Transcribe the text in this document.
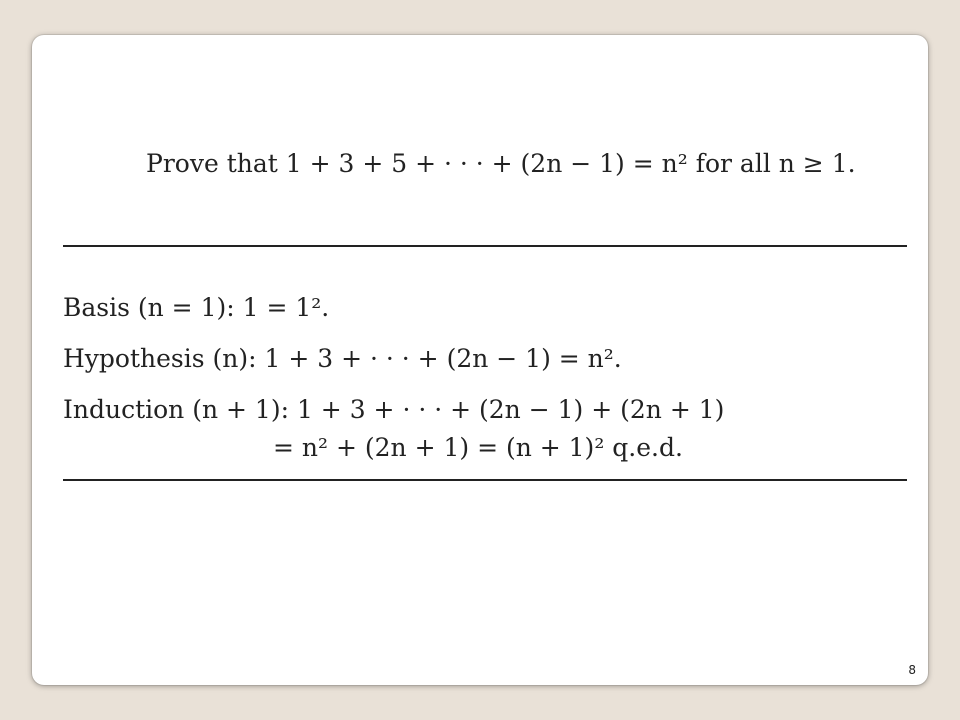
Prove that 1 + 3 + 5 + · · · + (2n − 1) = n² for all n ≥ 1.
Basis (n = 1): 1 = 1².
Hypothesis (n): 1 + 3 + · · · + (2n − 1) = n².
Induction (n + 1): 1 + 3 + · · · + (2n − 1) + (2n + 1)
= n² + (2n + 1) = (n + 1)² q.e.d.
8
